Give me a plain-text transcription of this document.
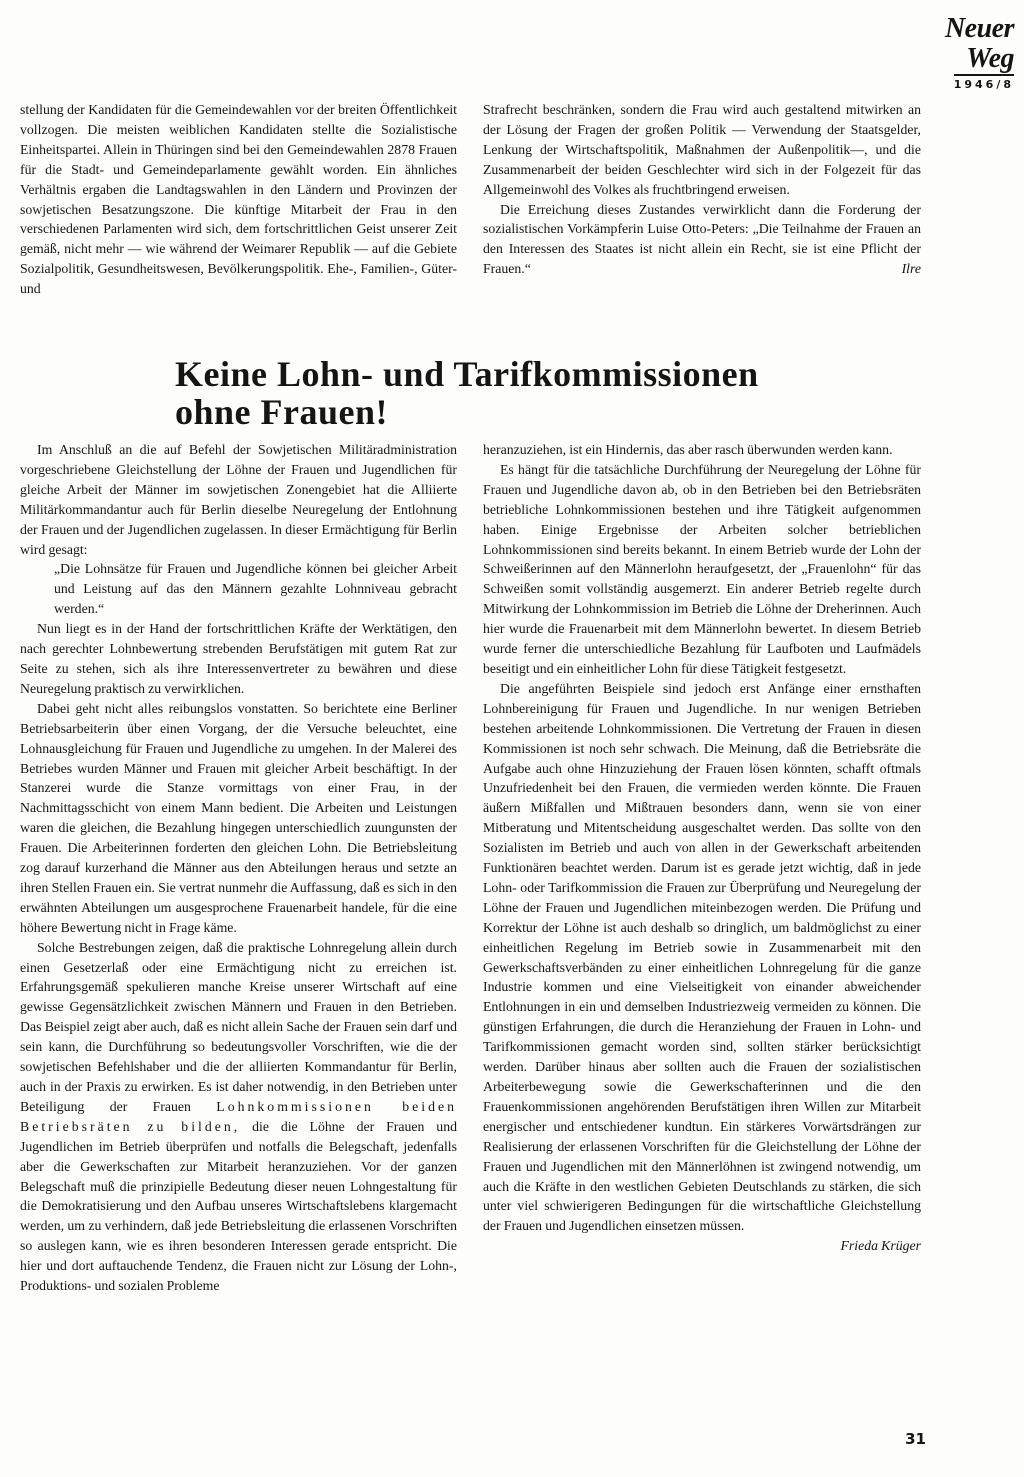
Neuer Weg
1946/8

stellung der Kandidaten für die Gemeindewahlen vor der breiten Öffentlichkeit vollzogen. Die meisten weiblichen Kandidaten stellte die Sozialistische Einheitspartei. Allein in Thüringen sind bei den Gemeindewahlen 2878 Frauen für die Stadt- und Gemeindeparlamente gewählt worden. Ein ähnliches Verhältnis ergaben die Landtagswahlen in den Ländern und Provinzen der sowjetischen Besatzungszone. Die künftige Mitarbeit der Frau in den verschiedenen Parlamenten wird sich, dem fortschrittlichen Geist unserer Zeit gemäß, nicht mehr — wie während der Weimarer Republik — auf die Gebiete Sozialpolitik, Gesundheitswesen, Bevölkerungspolitik. Ehe-, Familien-, Güter- und

Strafrecht beschränken, sondern die Frau wird auch gestaltend mitwirken an der Lösung der Fragen der großen Politik — Verwendung der Staatsgelder, Lenkung der Wirtschaftspolitik, Maßnahmen der Außenpolitik—, und die Zusammenarbeit der beiden Geschlechter wird sich in der Folgezeit für das Allgemeinwohl des Volkes als fruchtbringend erweisen.

Die Erreichung dieses Zustandes verwirklicht dann die Forderung der sozialistischen Vorkämpferin Luise Otto-Peters: „Die Teilnahme der Frauen an den Interessen des Staates ist nicht allein ein Recht, sie ist eine Pflicht der Frauen.“	Ilre

Keine Lohn- und Tarifkommissionen
ohne Frauen!

Im Anschluß an die auf Befehl der Sowjetischen Militäradministration vorgeschriebene Gleichstellung der Löhne der Frauen und Jugendlichen für gleiche Arbeit der Männer im sowjetischen Zonengebiet hat die Alliierte Militärkommandantur auch für Berlin dieselbe Neuregelung der Entlohnung der Frauen und der Jugendlichen zugelassen. In dieser Ermächtigung für Berlin wird gesagt:

„Die Lohnsätze für Frauen und Jugendliche können bei gleicher Arbeit und Leistung auf das den Männern gezahlte Lohnniveau gebracht werden.“

Nun liegt es in der Hand der fortschrittlichen Kräfte der Werktätigen, den nach gerechter Lohnbewertung strebenden Berufstätigen mit gutem Rat zur Seite zu stehen, sich als ihre Interessenvertreter zu bewähren und diese Neuregelung praktisch zu verwirklichen.

Dabei geht nicht alles reibungslos vonstatten. So berichtete eine Berliner Betriebsarbeiterin über einen Vorgang, der die Versuche beleuchtet, eine Lohnausgleichung für Frauen und Jugendliche zu umgehen. In der Malerei des Betriebes wurden Männer und Frauen mit gleicher Arbeit beschäftigt. In der Stanzerei wurde die Stanze vormittags von einer Frau, in der Nachmittagsschicht von einem Mann bedient. Die Arbeiten und Leistungen waren die gleichen, die Bezahlung hingegen unterschiedlich zuungunsten der Frauen. Die Arbeiterinnen forderten den gleichen Lohn. Die Betriebsleitung zog darauf kurzerhand die Männer aus den Abteilungen heraus und setzte an ihren Stellen Frauen ein. Sie vertrat nunmehr die Auffassung, daß es sich in den erwähnten Abteilungen um ausgesprochene Frauenarbeit handele, für die eine höhere Bewertung nicht in Frage käme.

Solche Bestrebungen zeigen, daß die praktische Lohnregelung allein durch einen Gesetzerlaß oder eine Ermächtigung nicht zu erreichen ist. Erfahrungsgemäß spekulieren manche Kreise unserer Wirtschaft auf eine gewisse Gegensätzlichkeit zwischen Männern und Frauen in den Betrieben. Das Beispiel zeigt aber auch, daß es nicht allein Sache der Frauen sein darf und sein kann, die Durchführung so bedeutungsvoller Vorschriften, wie die der sowjetischen Befehlshaber und die der alliierten Kommandantur für Berlin, auch in der Praxis zu erwirken. Es ist daher notwendig, in den Betrieben unter Beteiligung der Frauen Lohnkommissionen beiden Betriebsräten zu bilden, die die Löhne der Frauen und Jugendlichen im Betrieb überprüfen und notfalls die Belegschaft, jedenfalls aber die Gewerkschaften zur Mitarbeit heranzuziehen. Vor der ganzen Belegschaft muß die prinzipielle Bedeutung dieser neuen Lohngestaltung für die Demokratisierung und den Aufbau unseres Wirtschaftslebens klargemacht werden, um zu verhindern, daß jede Betriebsleitung die erlassenen Vorschriften so auslegen kann, wie es ihren besonderen Interessen gerade entspricht. Die hier und dort auftauchende Tendenz, die Frauen nicht zur Lösung der Lohn-, Produktions- und sozialen Probleme

heranzuziehen, ist ein Hindernis, das aber rasch überwunden werden kann.

Es hängt für die tatsächliche Durchführung der Neuregelung der Löhne für Frauen und Jugendliche davon ab, ob in den Betrieben bei den Betriebsräten betriebliche Lohnkommissionen bestehen und ihre Tätigkeit aufgenommen haben. Einige Ergebnisse der Arbeiten solcher betrieblichen Lohnkommissionen sind bereits bekannt. In einem Betrieb wurde der Lohn der Schweißerinnen auf den Männerlohn heraufgesetzt, der „Frauenlohn“ für das Schweißen somit vollständig ausgemerzt. Ein anderer Betrieb regelte durch Mitwirkung der Lohnkommission im Betrieb die Löhne der Dreherinnen. Auch hier wurde die Frauenarbeit mit dem Männerlohn bewertet. In diesem Betrieb wurde ferner die unterschiedliche Bezahlung für Laufboten und Laufmädels beseitigt und ein einheitlicher Lohn für diese Tätigkeit festgesetzt.

Die angeführten Beispiele sind jedoch erst Anfänge einer ernsthaften Lohnbereinigung für Frauen und Jugendliche. In nur wenigen Betrieben bestehen arbeitende Lohnkommissionen. Die Vertretung der Frauen in diesen Kommissionen ist noch sehr schwach. Die Meinung, daß die Betriebsräte die Aufgabe auch ohne Hinzuziehung der Frauen lösen könnten, schafft oftmals Unzufriedenheit bei den Frauen, die vermieden werden könnte. Die Frauen äußern Mißfallen und Mißtrauen besonders dann, wenn sie von einer Mitberatung und Mitentscheidung ausgeschaltet werden. Das sollte von den Sozialisten im Betrieb und auch von allen in der Gewerkschaft arbeitenden Funktionären beachtet werden. Darum ist es gerade jetzt wichtig, daß in jede Lohn- oder Tarifkommission die Frauen zur Überprüfung und Neuregelung der Löhne der Frauen und Jugendlichen miteinbezogen werden. Die Prüfung und Korrektur der Löhne ist auch deshalb so dringlich, um baldmöglichst zu einer einheitlichen Regelung im Betrieb sowie in Zusammenarbeit mit den Gewerkschaftsverbänden zu einer einheitlichen Lohnregelung für die ganze Industrie kommen und eine Vielseitigkeit von einander abweichender Entlohnungen in ein und demselben Industriezweig vermeiden zu können. Die günstigen Erfahrungen, die durch die Heranziehung der Frauen in Lohn- und Tarifkommissionen gemacht worden sind, sollten stärker berücksichtigt werden. Darüber hinaus aber sollten auch die Frauen der sozialistischen Arbeiterbewegung sowie die Gewerkschafterinnen und die den Frauenkommissionen angehörenden Berufstätigen ihren Willen zur Mitarbeit energischer und entschiedener kundtun. Ein stärkeres Vorwärtsdrängen zur Realisierung der erlassenen Vorschriften für die Gleichstellung der Löhne der Frauen und Jugendlichen mit den Männerlöhnen ist zwingend notwendig, um auch die Kräfte in den westlichen Gebieten Deutschlands zu stärken, die sich unter viel schwierigeren Bedingungen für die wirtschaftliche Gleichstellung der Frauen und Jugendlichen einsetzen müssen.

Frieda Krüger

31
